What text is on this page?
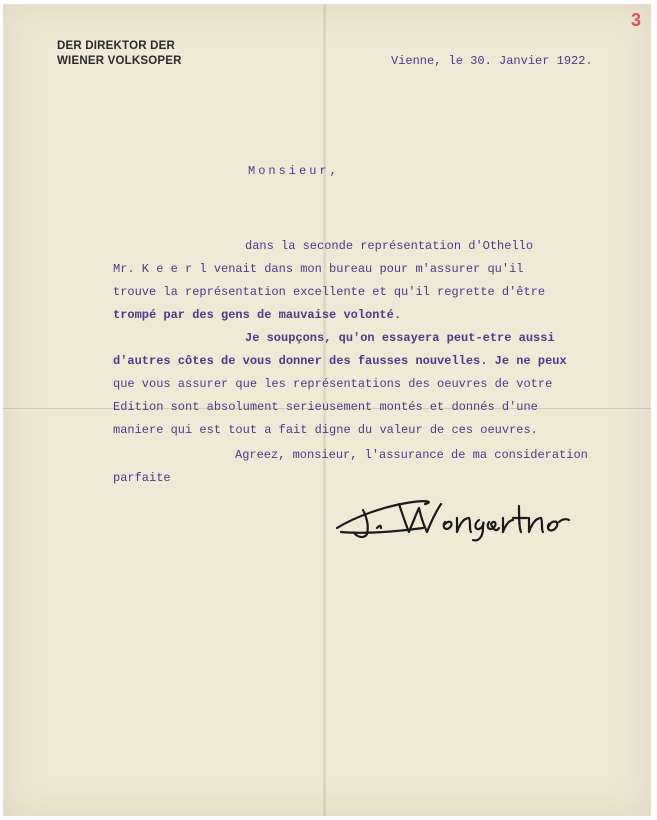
DER DIREKTOR DER
WIENER VOLKSOPER
3
Vienne, le 30. Janvier 1922.
Monsieur,
dans la seconde représentation d'Othello
Mr. K e e r l venait dans mon bureau pour m'assurer qu'il
trouve la représentation excellente et qu'il regrette d'être
trompé par des gens de mauvaise volonté.
Je soupçons, qu'on essayera peut-etre aussi
d'autres côtes de vous donner des fausses nouvelles. Je ne peux
que vous assurer que les représentations des oeuvres de votre
Edition sont absolument serieusement montés et donnés d'une
maniere qui est tout a fait digne du valeur de ces oeuvres.
Agreez, monsieur, l'assurance de ma consideration
parfaite
